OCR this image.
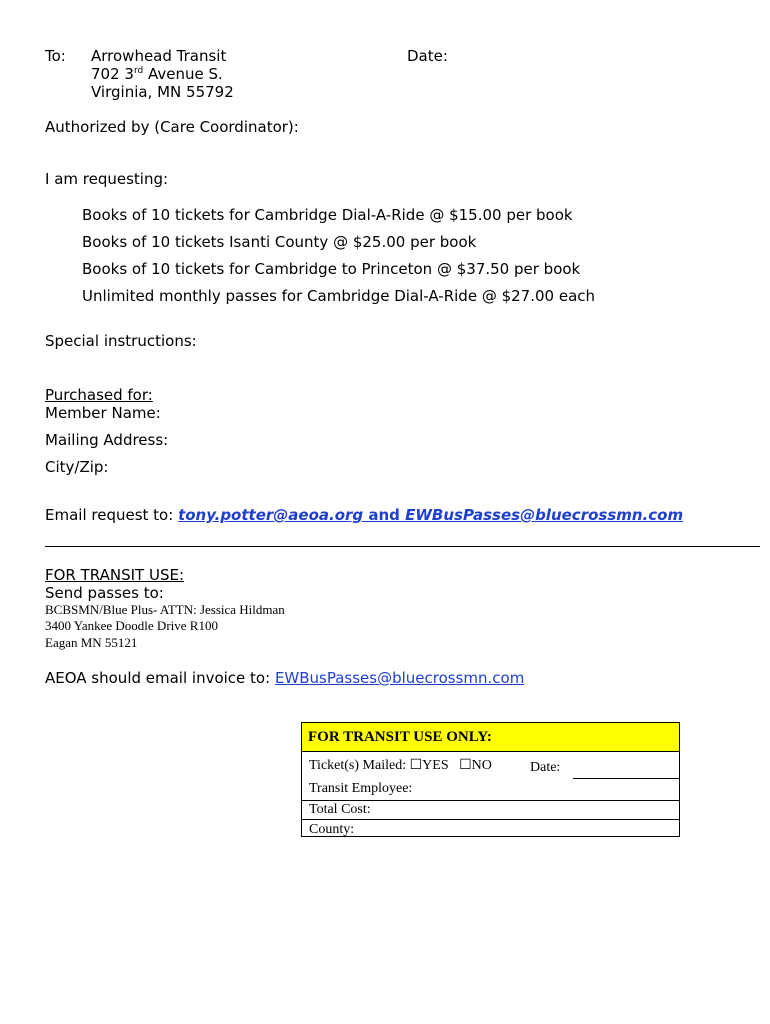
To: Arrowhead Transit
702 3rd Avenue S.
Virginia, MN 55792
Date:
Authorized by (Care Coordinator):
I am requesting:
Books of 10 tickets for Cambridge Dial-A-Ride @ $15.00 per book
Books of 10 tickets Isanti County @ $25.00 per book
Books of 10 tickets for Cambridge to Princeton @ $37.50 per book
Unlimited monthly passes for Cambridge Dial-A-Ride @ $27.00 each
Special instructions:
Purchased for:
Member Name:
Mailing Address:
City/Zip:
Email request to: tony.potter@aeoa.org and EWBusPasses@bluecrossmn.com
FOR TRANSIT USE:
Send passes to:
BCBSMN/Blue Plus- ATTN: Jessica Hildman
3400 Yankee Doodle Drive R100
Eagan MN 55121
AEOA should email invoice to: EWBusPasses@bluecrossmn.com
FOR TRANSIT USE ONLY:
Ticket(s) Mailed: ☐YES ☐NO	Date:
Transit Employee:
Total Cost:
County:
